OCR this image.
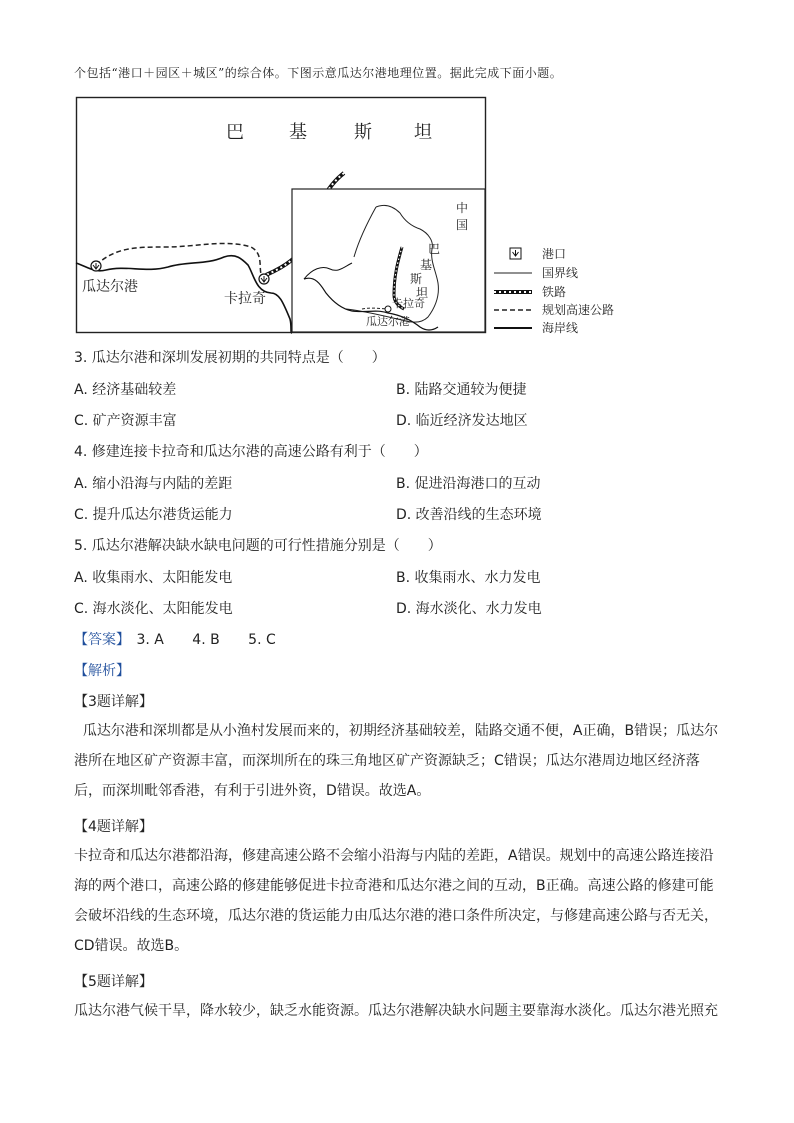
个包括“港口＋园区＋城区”的综合体。下图示意瓜达尔港地理位置。据此完成下面小题。
巴	基	斯 坦
瓜达尔港
卡拉奇
中
国
巴
基
斯
坦
卡拉奇
瓜达尔港
港口
国界线
铁路
规划高速公路
海岸线
3. 瓜达尔港和深圳发展初期的共同特点是（　　）
A. 经济基础较差	B. 陆路交通较为便捷
C. 矿产资源丰富	D. 临近经济发达地区
4. 修建连接卡拉奇和瓜达尔港的高速公路有利于（　　）
A. 缩小沿海与内陆的差距	B. 促进沿海港口的互动
C. 提升瓜达尔港货运能力	D. 改善沿线的生态环境
5. 瓜达尔港解决缺水缺电问题的可行性措施分别是（　　）
A. 收集雨水、太阳能发电	B. 收集雨水、水力发电
C. 海水淡化、太阳能发电	D. 海水淡化、水力发电
【答案】 3. A 4. B 5. C
【解析】
【3题详解】

瓜达尔港和深圳都是从小渔村发展而来的，初期经济基础较差，陆路交通不便，A正确，B错误；瓜达尔港所在地区矿产资源丰富，而深圳所在的珠三角地区矿产资源缺乏；C错误；瓜达尔港周边地区经济落后，而深圳毗邻香港，有利于引进外资，D错误。故选A。

【4题详解】

卡拉奇和瓜达尔港都沿海，修建高速公路不会缩小沿海与内陆的差距，A错误。规划中的高速公路连接沿海的两个港口，高速公路的修建能够促进卡拉奇港和瓜达尔港之间的互动，B正确。高速公路的修建可能会破坏沿线的生态环境，瓜达尔港的货运能力由瓜达尔港的港口条件所决定，与修建高速公路与否无关，CD错误。故选B。

【5题详解】

瓜达尔港气候干旱，降水较少，缺乏水能资源。瓜达尔港解决缺水问题主要靠海水淡化。瓜达尔港光照充
